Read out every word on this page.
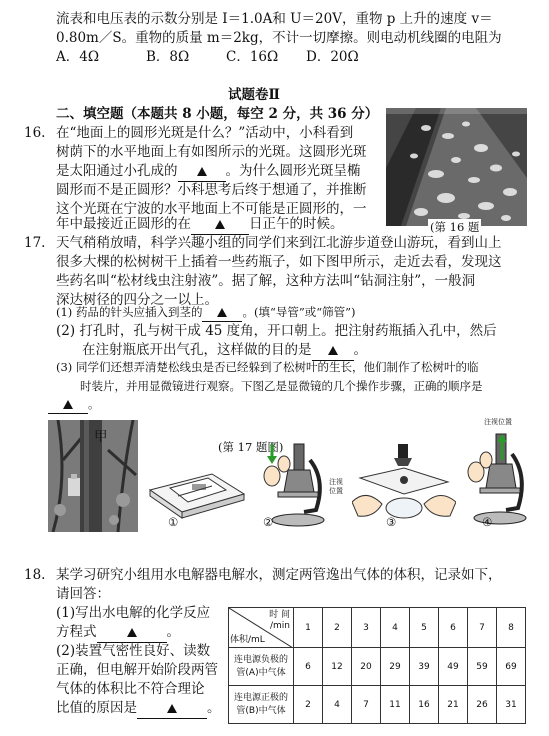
流表和电压表的示数分别是 I＝1.0A和 U＝20V，重物 p 上升的速度 v＝
0.80m／S。重物的质量 m＝2kg，不计一切摩擦。则电动机线圈的电阻为
A．4Ω	B．8Ω	C．16Ω D．20Ω
试题卷Ⅱ
二、填空题（本题共 8 小题，每空 2 分，共 36 分）
16. 在“地面上的圆形光斑是什么？”活动中，小科看到
树荫下的水平地面上有如图所示的光斑。这圆形光斑
是太阳通过小孔成的	。为什么圆形光斑呈椭
圆形而不是正圆形？小科思考后终于想通了，并推断
这个光斑在宁波的水平地面上不可能是正圆形的，一
年中最接近正圆形的在	日正午的时候。	(第 16 题
17. 天气稍稍放晴，科学兴趣小组的同学们来到江北游步道登山游玩，看到山上
很多大棵的松树树干上插着一些药瓶子，如下图甲所示，走近去看，发现这
些药名叫“松材线虫注射液”。据了解，这种方法叫“钻洞注射”，一般洞
深达树径的四分之一以上。
(1) 药品的针头应插入到茎的	。(填“导管”或“筛管”)
(2) 打孔时，孔与树干成 45 度角，开口朝上。把注射药瓶插入孔中，然后
在注射瓶底开出气孔，这样做的目的是	。
(3) 同学们还想弄清楚松线虫是否已经躲到了松树叶的生长，他们制作了松树叶的临
时装片，并用显微镜进行观察。下图乙是显微镜的几个操作步骤，正确的顺序是
。
甲
(第 17 题图)
①
注视位置
②	③
注视位置
④
18. 某学习研究小组用水电解器电解水，测定两管逸出气体的体积，记录如下，
请回答：
(1)写出水电解的化学反应
方程式	。
(2)装置气密性良好、读数
正确，但电解开始阶段两管
气体的体积比不符合理论
比值的原因是	。
时 间
/min
体积/mL	1	2	3	4	5	6	7	8

连电源负极的
管(A)中气体	6	12	20	29	39	49	59	69

连电源正极的
管(B)中气体	2	4	7	11	16	21	26	31
